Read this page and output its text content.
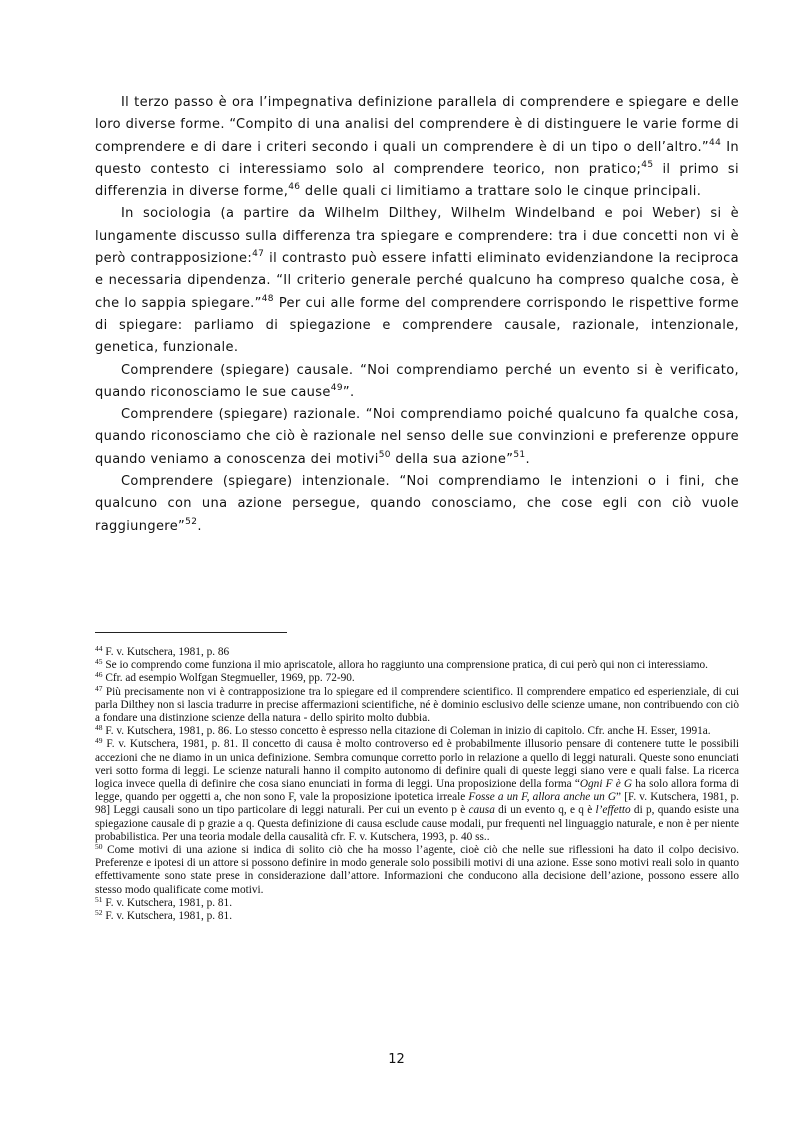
Il terzo passo è ora l’impegnativa definizione parallela di comprendere e spiegare e delle loro diverse forme. “Compito di una analisi del comprendere è di distinguere le varie forme di comprendere e di dare i criteri secondo i quali un comprendere è di un tipo o dell’altro.”$^{44}$ In questo contesto ci interessiamo solo al comprendere teorico, non pratico;$^{45}$ il primo si differenzia in diverse forme,$^{46}$ delle quali ci limitiamo a trattare solo le cinque principali.

In sociologia (a partire da Wilhelm Dilthey, Wilhelm Windelband e poi Weber) si è lungamente discusso sulla differenza tra spiegare e comprendere: tra i due concetti non vi è però contrapposizione:$^{47}$ il contrasto può essere infatti eliminato evidenziandone la reciproca e necessaria dipendenza. “Il criterio generale perché qualcuno ha compreso qualche cosa, è che lo sappia spiegare.”$^{48}$ Per cui alle forme del comprendere corrispondo le rispettive forme di spiegare: parliamo di spiegazione e comprendere causale, razionale, intenzionale, genetica, funzionale.

Comprendere (spiegare) causale. “Noi comprendiamo perché un evento si è verificato, quando riconosciamo le sue cause$^{49}$”.

Comprendere (spiegare) razionale. “Noi comprendiamo poiché qualcuno fa qualche cosa, quando riconosciamo che ciò è razionale nel senso delle sue convinzioni e preferenze oppure quando veniamo a conoscenza dei motivi$^{50}$ della sua azione”$^{51}$.

Comprendere (spiegare) intenzionale. “Noi comprendiamo le intenzioni o i fini, che qualcuno con una azione persegue, quando conosciamo, che cose egli con ciò vuole raggiungere”$^{52}$.

$^{44}$ F. v. Kutschera, 1981, p. 86

$^{45}$ Se io comprendo come funziona il mio apriscatole, allora ho raggiunto una comprensione pratica, di cui però qui non ci interessiamo.

$^{46}$ Cfr. ad esempio Wolfgan Stegmueller, 1969, pp. 72-90.

$^{47}$ Più precisamente non vi è contrapposizione tra lo spiegare ed il comprendere scientifico. Il comprendere empatico ed esperienziale, di cui parla Dilthey non si lascia tradurre in precise affermazioni scientifiche, né è dominio esclusivo delle scienze umane, non contribuendo con ciò a fondare una distinzione scienze della natura - dello spirito molto dubbia.

$^{48}$ F. v. Kutschera, 1981, p. 86. Lo stesso concetto è espresso nella citazione di Coleman in inizio di capitolo. Cfr. anche H. Esser, 1991a.

$^{49}$ F. v. Kutschera, 1981, p. 81. Il concetto di causa è molto controverso ed è probabilmente illusorio pensare di contenere tutte le possibili accezioni che ne diamo in un unica definizione. Sembra comunque corretto porlo in relazione a quello di leggi naturali. Queste sono enunciati veri sotto forma di leggi. Le scienze naturali hanno il compito autonomo di definire quali di queste leggi siano vere e quali false. La ricerca logica invece quella di definire che cosa siano enunciati in forma di leggi. Una proposizione della forma “Ogni F è G ha solo allora forma di legge, quando per oggetti a, che non sono F, vale la proposizione ipotetica irreale Fosse a un F, allora anche un G” [F. v. Kutschera, 1981, p. 98] Leggi causali sono un tipo particolare di leggi naturali. Per cui un evento p è causa di un evento q, e q è l’effetto di p, quando esiste una spiegazione causale di p grazie a q. Questa definizione di causa esclude cause modali, pur frequenti nel linguaggio naturale, e non è per niente probabilistica. Per una teoria modale della causalità cfr. F. v. Kutschera, 1993, p. 40 ss..

$^{50}$ Come motivi di una azione si indica di solito ciò che ha mosso l’agente, cioè ciò che nelle sue riflessioni ha dato il colpo decisivo. Preferenze e ipotesi di un attore si possono definire in modo generale solo possibili motivi di una azione. Esse sono motivi reali solo in quanto effettivamente sono state prese in considerazione dall’attore. Informazioni che conducono alla decisione dell’azione, possono essere allo stesso modo qualificate come motivi.

$^{51}$ F. v. Kutschera, 1981, p. 81.

$^{52}$ F. v. Kutschera, 1981, p. 81.

12
